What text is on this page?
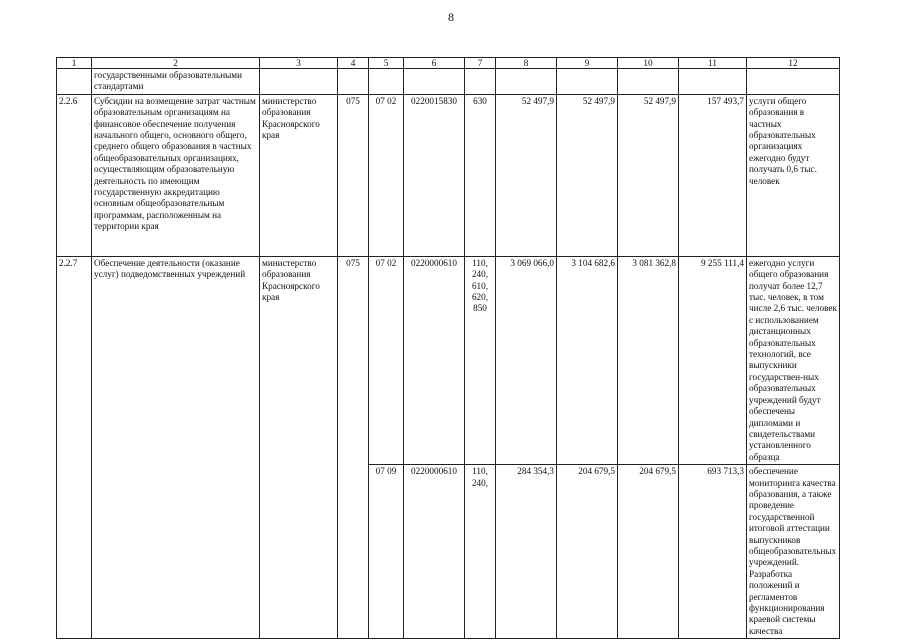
8
1	2	3	4	5	6	7	8	9	10	11	12
	государственными образовательными стандартами										
2.2.6	Субсидии на возмещение затрат частным образовательным организациям на финансовое обеспечение получения начального общего, основного общего, среднего общего образования в частных общеобразовательных организациях, осуществляющим образовательную деятельность по имеющим государственную аккредитацию основным общеобразовательным программам, расположенным на территории края	министерство образования Красноярского края	075	07 02	0220015830	630	52 497,9	52 497,9	52 497,9	157 493,7	услуги общего образования в частных образовательных организациях ежегодно будут получать 0,6 тыс. человек
2.2.7	Обеспечение деятельности (оказание услуг) подведомственных учреждений	министерство образования Красноярского края	075	07 02	0220000610	110, 240, 610, 620, 850	3 069 066,0	3 104 682,6	3 081 362,8	9 255 111,4	ежегодно услуги общего образования получат более 12,7 тыс. человек, в том числе 2,6 тыс. человек с использованием дистанционных образовательных технологий, все выпускники государствен-ных образовательных учреждений будут обеспечены дипломами и свидетельствами установленного образца
				07 09	0220000610	110, 240,	284 354,3	204 679,5	204 679,5	693 713,3	обеспечение мониторинга качества образования, а также проведение государственной итоговой аттестации выпускников общеобразовательных учреждений. Разработка положений и регламентов функционирования краевой системы качества
